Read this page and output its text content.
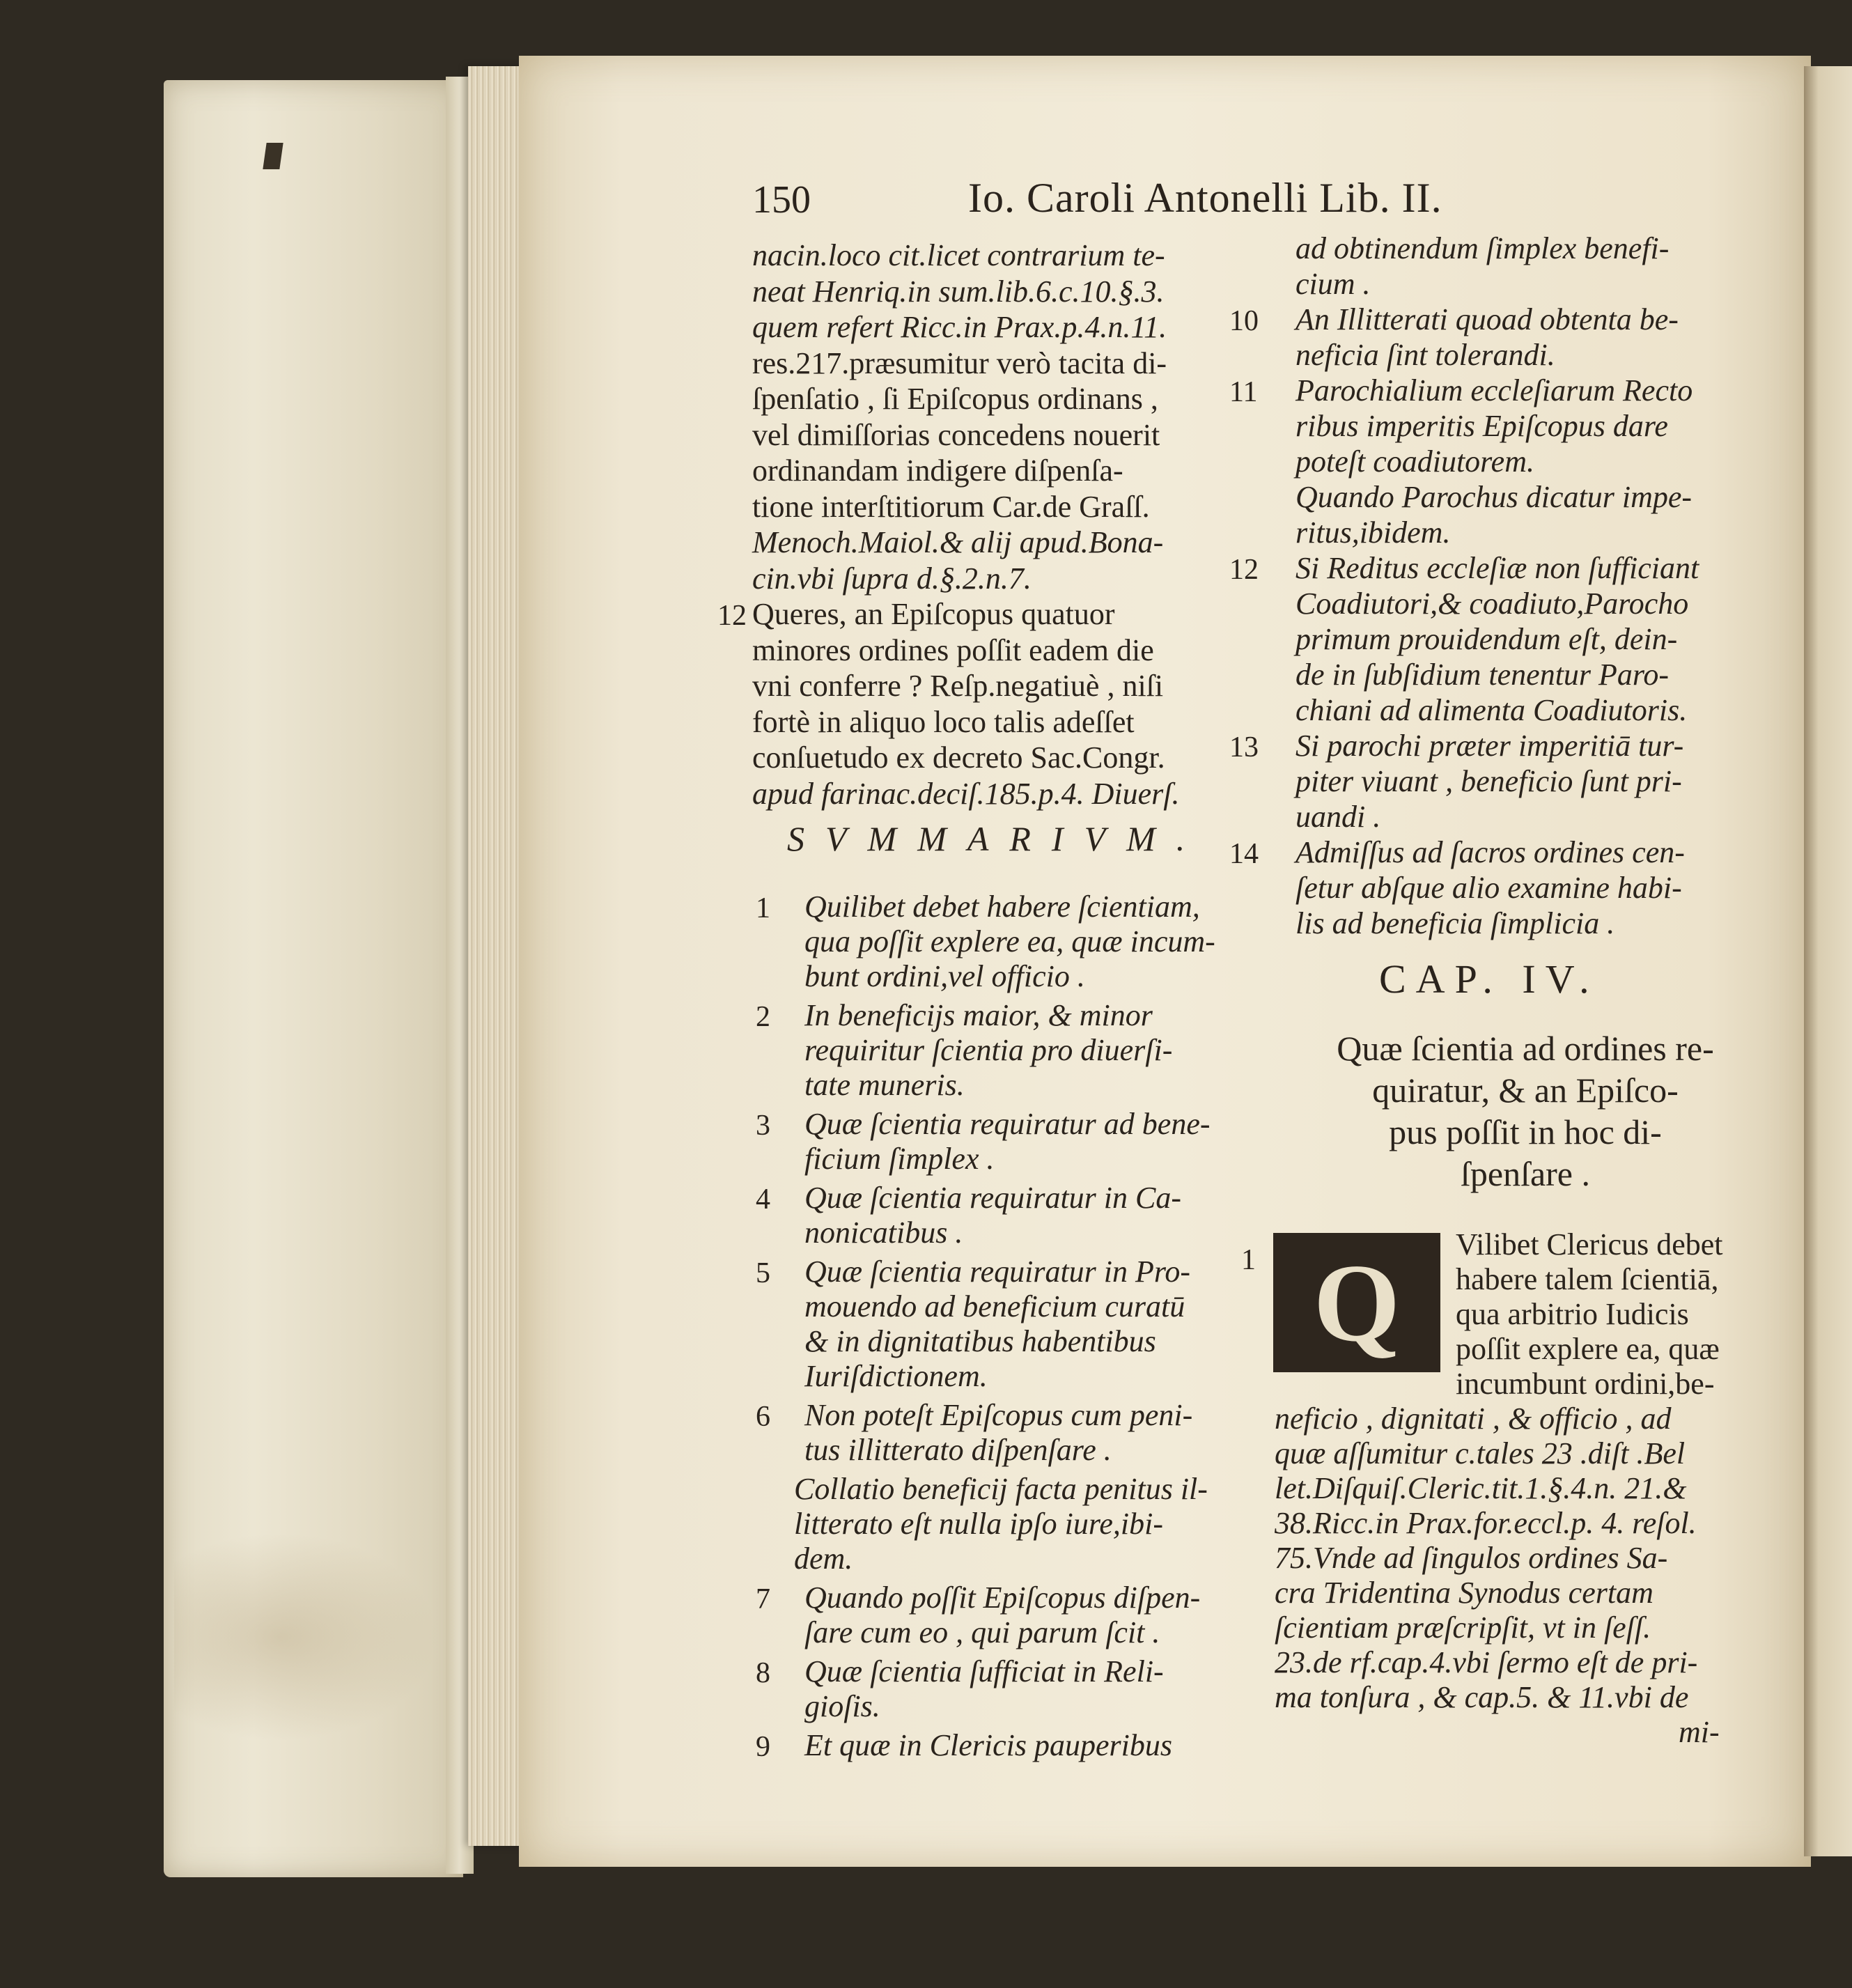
150	Io. Caroli Antonelli Lib. II.
nacin.loco cit.licet contrarium te-
neat Henriq.in sum.lib.6.c.10.§.3.
quem refert Ricc.in Prax.p.4.n.11.
res.217.præsumitur verò tacita di-
ſpenſatio , ſi Epiſcopus ordinans ,
vel dimiſſorias concedens nouerit
ordinandam indigere diſpenſa-
tione interſtitiorum Car.de Graſſ.
Menoch.Maiol.& alij apud.Bona-
cin.vbi ſupra d.§.2.n.7.
Queres, an Epiſcopus quatuor
12
minores ordines poſſit eadem die
vni conferre ? Reſp.negatiuè , niſi
fortè in aliquo loco talis adeſſet
conſuetudo ex decreto Sac.Congr.
apud farinac.deciſ.185.p.4. Diuerſ.
SVMMARIVM.
1 Quilibet debet habere ſcientiam,
qua poſſit explere ea, quæ incum-
bunt ordini,vel officio .
2 In beneficijs maior, & minor
requiritur ſcientia pro diuerſi-
tate muneris.
3 Quæ ſcientia requiratur ad bene-
ficium ſimplex .
4 Quæ ſcientia requiratur in Ca-
nonicatibus .
5 Quæ ſcientia requiratur in Pro-
mouendo ad beneficium curatū
& in dignitatibus habentibus
Iuriſdictionem.
6 Non poteſt Epiſcopus cum peni-
tus illitterato diſpenſare .
Collatio beneficij facta penitus il-
litterato eſt nulla ipſo iure,ibi-
dem.
7 Quando poſſit Epiſcopus diſpen-
ſare cum eo , qui parum ſcit .
8 Quæ ſcientia ſufficiat in Reli-
gioſis.
9 Et quæ in Clericis pauperibus
ad obtinendum ſimplex benefi-
cium .
10 An Illitterati quoad obtenta be-
neficia ſint tolerandi.
11 Parochialium eccleſiarum Recto
ribus imperitis Epiſcopus dare
poteſt coadiutorem.
Quando Parochus dicatur impe-
ritus,ibidem.
12 Si Reditus eccleſiæ non ſufficiant
Coadiutori,& coadiuto,Parocho
primum prouidendum eſt, dein-
de in ſubſidium tenentur Paro-
chiani ad alimenta Coadiutoris.
13 Si parochi præter imperitiā tur-
piter viuant , beneficio ſunt pri-
uandi .
14 Admiſſus ad ſacros ordines cen-
ſetur abſque alio examine habi-
lis ad beneficia ſimplicia .
CAP. IV.
Quæ ſcientia ad ordines re-
quiratur, & an Epiſco-
pus poſſit in hoc di-
ſpenſare .
Q
1	Vilibet Clericus debet
habere talem ſcientiā,
qua arbitrio Iudicis
poſſit explere ea, quæ
incumbunt ordini,be-
neficio , dignitati , & officio , ad
quæ aſſumitur c.tales 23 .diſt .Bel
let.Diſquiſ.Cleric.tit.1.§.4.n. 21.&
38.Ricc.in Prax.for.eccl.p. 4. reſol.
75.Vnde ad ſingulos ordines Sa-
cra Tridentina Synodus certam
ſcientiam præſcripſit, vt in ſeſſ.
23.de rf.cap.4.vbi ſermo eſt de pri-
ma tonſura , & cap.5. & 11.vbi de
mi-
